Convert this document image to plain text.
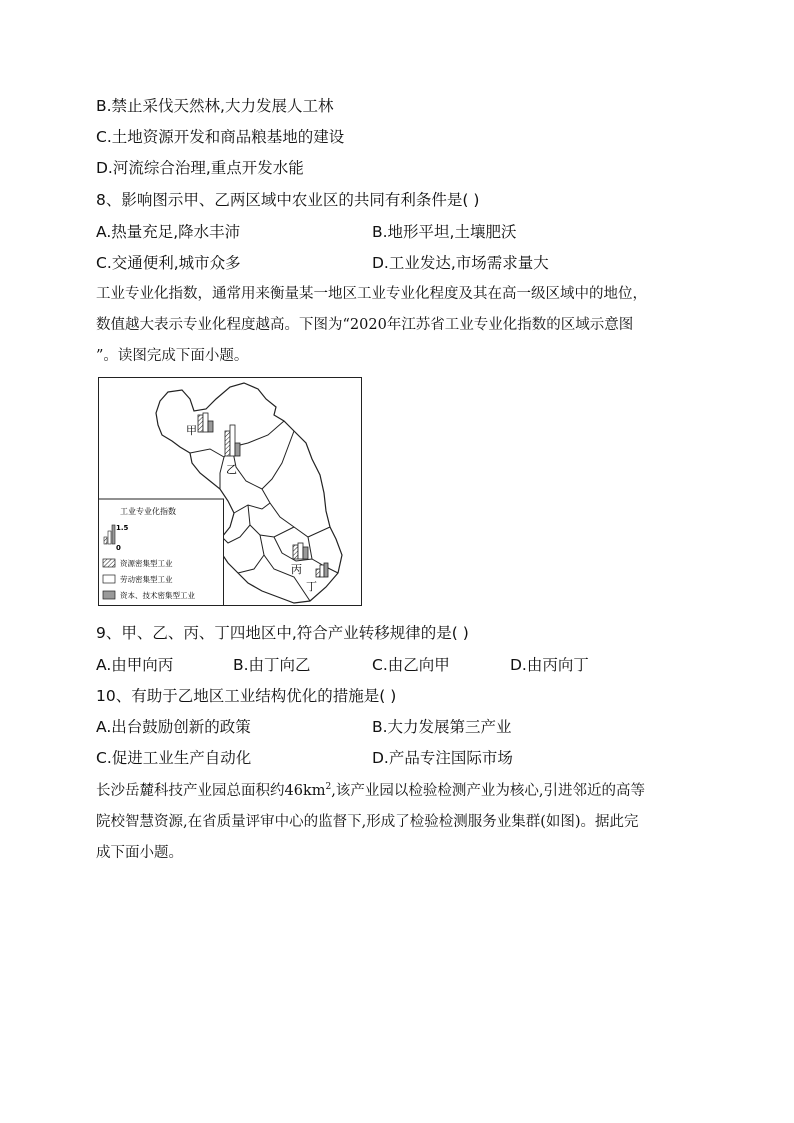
B.禁止采伐天然林,大力发展人工林
C.土地资源开发和商品粮基地的建设
D.河流综合治理,重点开发水能
8、影响图示甲、乙两区域中农业区的共同有利条件是( )
A.热量充足,降水丰沛	B.地形平坦,土壤肥沃
C.交通便利,城市众多	D.工业发达,市场需求量大
工业专业化指数，通常用来衡量某一地区工业专业化程度及其在高一级区域中的地位，
数值越大表示专业化程度越高。下图为“2020年江苏省工业专业化指数的区域示意图
”。读图完成下面小题。
甲
乙
丙
丁
工业专业化指数
1.5
0
资源密集型工业
劳动密集型工业
资本、技术密集型工业
9、甲、乙、丙、丁四地区中,符合产业转移规律的是( )
A.由甲向丙	B.由丁向乙	C.由乙向甲	D.由丙向丁
10、有助于乙地区工业结构优化的措施是( )
A.出台鼓励创新的政策	B.大力发展第三产业
C.促进工业生产自动化	D.产品专注国际市场
长沙岳麓科技产业园总面积约$46km^2$,该产业园以检验检测产业为核心,引进邻近的高等
院校智慧资源,在省质量评审中心的监督下,形成了检验检测服务业集群(如图)。据此完
成下面小题。
